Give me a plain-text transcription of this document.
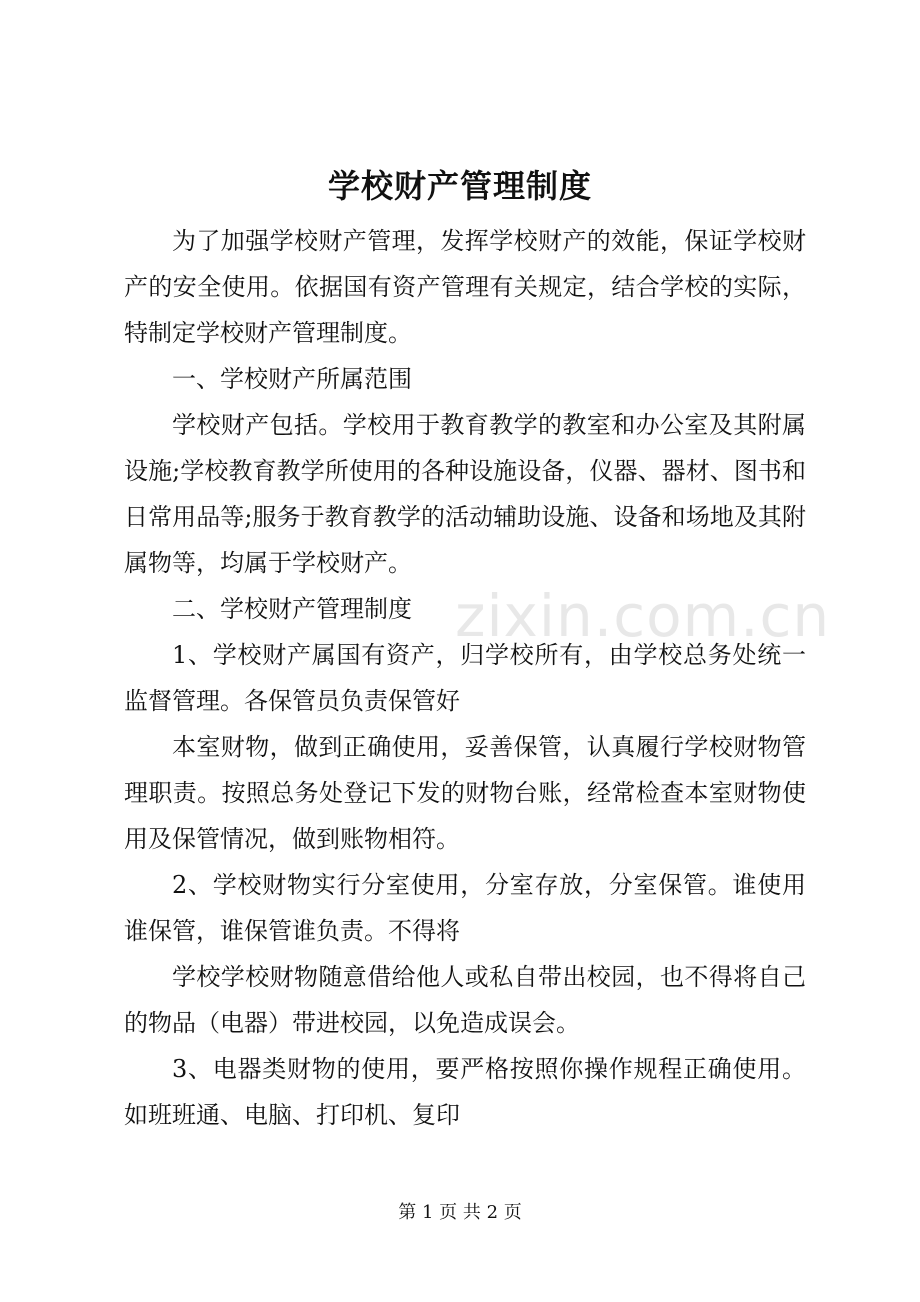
学校财产管理制度

为了加强学校财产管理，发挥学校财产的效能，保证学校财产的安全使用。依据国有资产管理有关规定，结合学校的实际，特制定学校财产管理制度。

一、学校财产所属范围

学校财产包括。学校用于教育教学的教室和办公室及其附属设施;学校教育教学所使用的各种设施设备，仪器、器材、图书和日常用品等;服务于教育教学的活动辅助设施、设备和场地及其附属物等，均属于学校财产。

二、学校财产管理制度

1、学校财产属国有资产，归学校所有，由学校总务处统一监督管理。各保管员负责保管好

本室财物，做到正确使用，妥善保管，认真履行学校财物管理职责。按照总务处登记下发的财物台账，经常检查本室财物使用及保管情况，做到账物相符。

2、学校财物实行分室使用，分室存放，分室保管。谁使用谁保管，谁保管谁负责。不得将

学校学校财物随意借给他人或私自带出校园，也不得将自己的物品（电器）带进校园，以免造成误会。

3、电器类财物的使用，要严格按照你操作规程正确使用。如班班通、电脑、打印机、复印

zixin.com.cn
第 1 页 共 2 页
